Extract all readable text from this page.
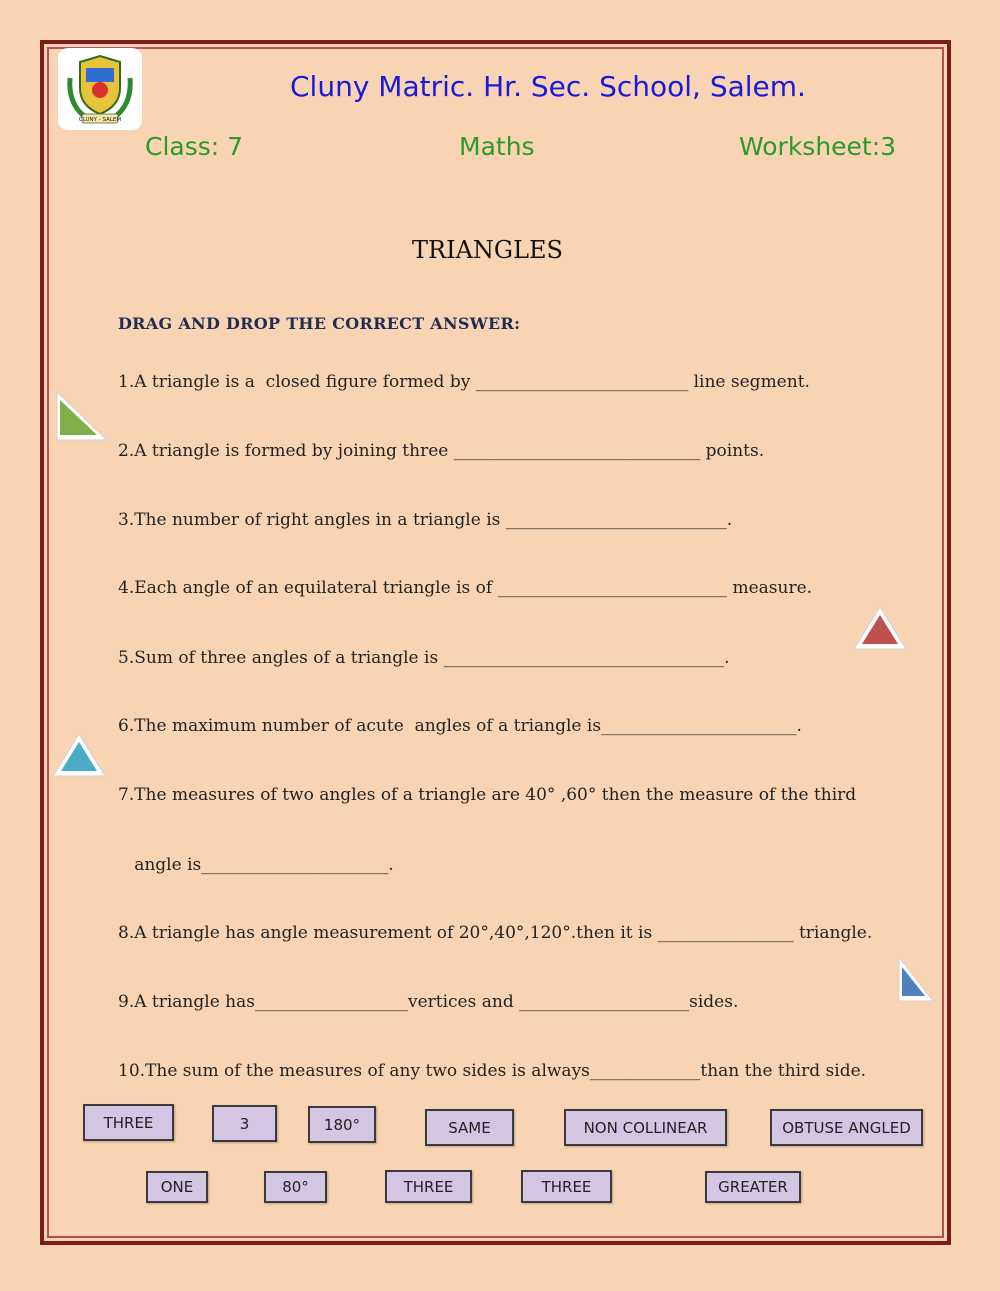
CLUNY - SALEM
Cluny Matric. Hr. Sec. School, Salem.
Class: 7	Maths	Worksheet:3
TRIANGLES
DRAG AND DROP THE CORRECT ANSWER:
1.A triangle is a  closed figure formed by _________________________ line segment.
2.A triangle is formed by joining three _____________________________ points.
3.The number of right angles in a triangle is __________________________.
4.Each angle of an equilateral triangle is of ___________________________ measure.
5.Sum of three angles of a triangle is _________________________________.
6.The maximum number of acute  angles of a triangle is_______________________.
7.The measures of two angles of a triangle are 40° ,60° then the measure of the third
angle is______________________.
8.A triangle has angle measurement of 20°,40°,120°.then it is ________________ triangle.
9.A triangle has__________________vertices and ____________________sides.
10.The sum of the measures of any two sides is always_____________than the third side.
THREE	3	180°	SAME	NON COLLINEAR	OBTUSE ANGLED
ONE	80°	THREE	THREE	GREATER
